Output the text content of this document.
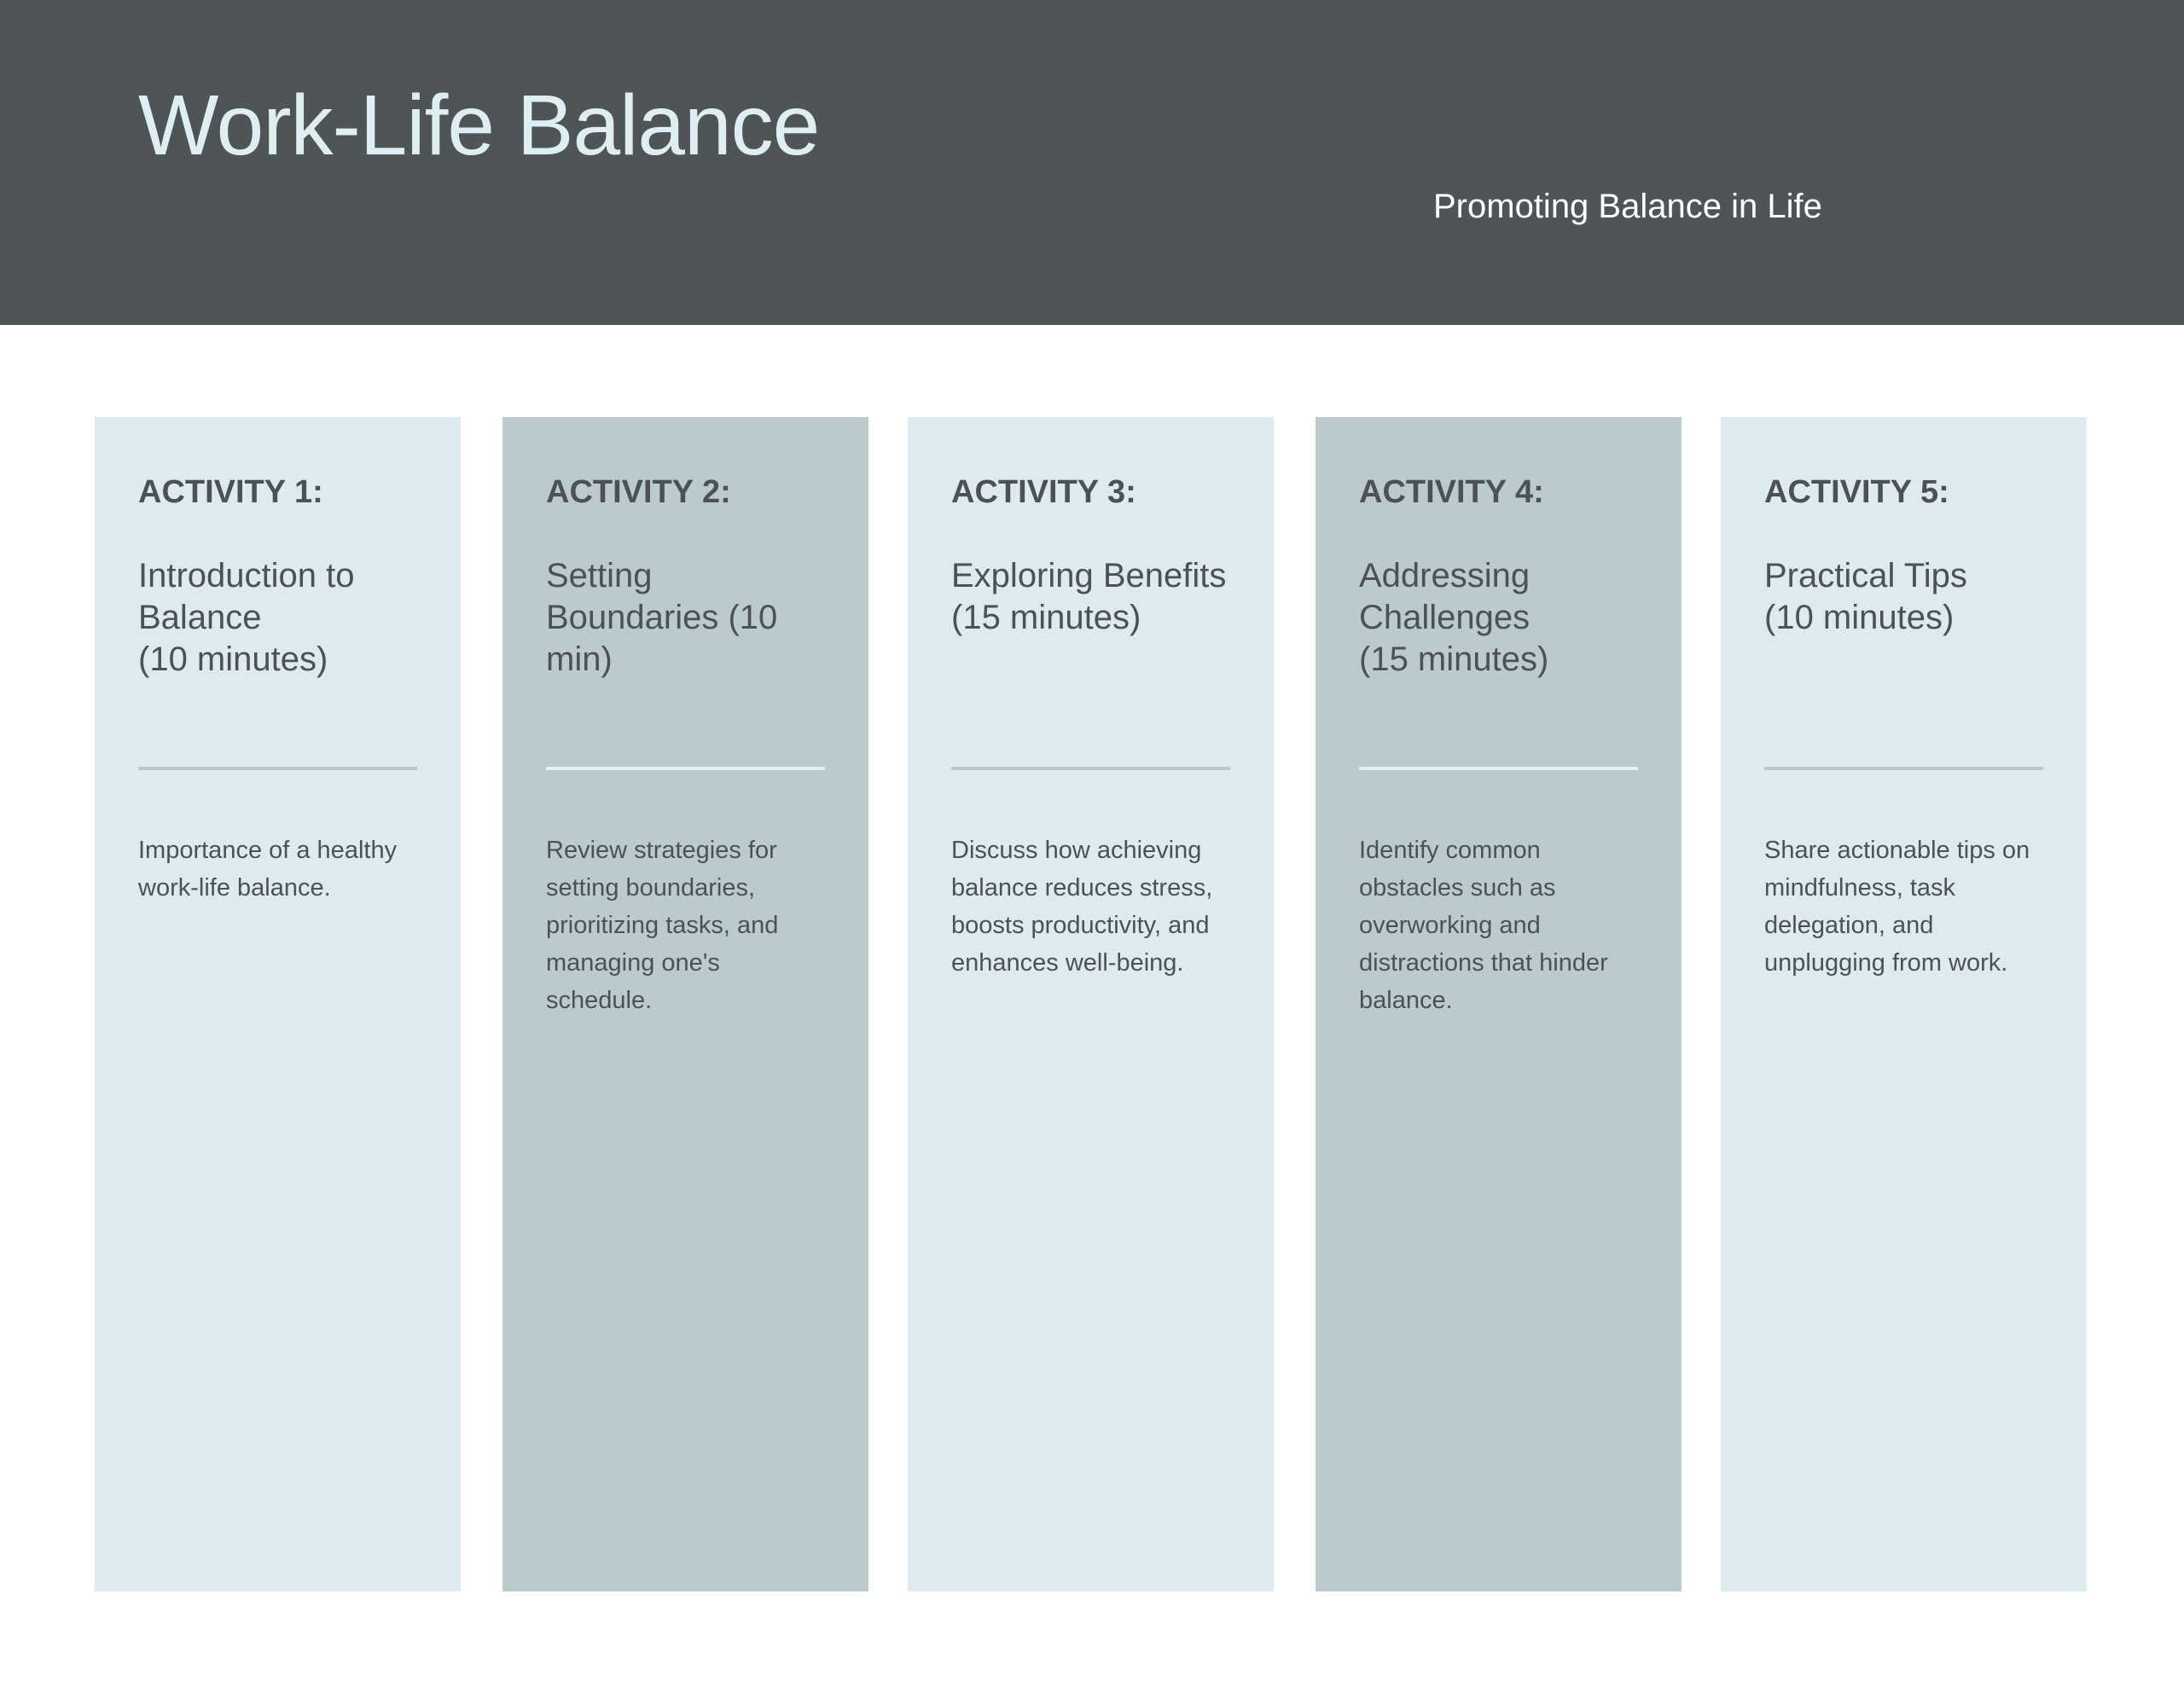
Work-Life Balance

Promoting Balance in Life

ACTIVITY 1:
Introduction to
Balance
(10 minutes)

Importance of a healthy work-life balance.

ACTIVITY 2:
Setting
Boundaries (10
min)

Review strategies for setting boundaries, prioritizing tasks, and managing one's schedule.

ACTIVITY 3:
Exploring Benefits
(15 minutes)

Discuss how achieving balance reduces stress, boosts productivity, and enhances well-being.

ACTIVITY 4:
Addressing
Challenges
(15 minutes)

Identify common obstacles such as overworking and distractions that hinder balance.

ACTIVITY 5:
Practical Tips
(10 minutes)

Share actionable tips on mindfulness, task delegation, and unplugging from work.
